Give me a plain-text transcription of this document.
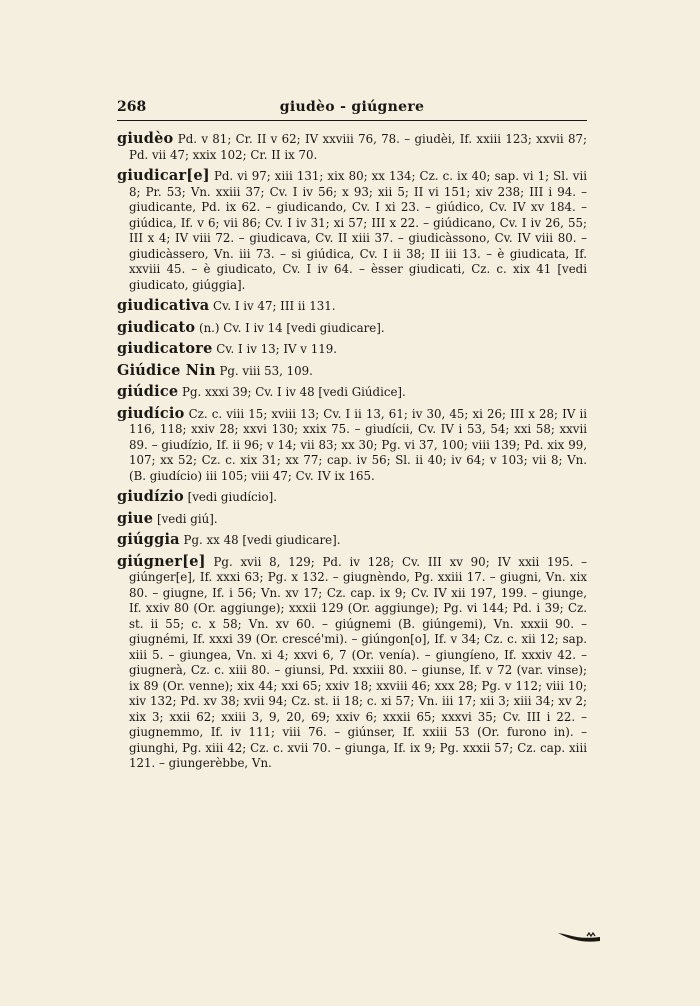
268	giudèo - giúgnere

giudèo Pd. v 81; Cr. II v 62; IV xxviii 76, 78. – giudèi, If. xxiii 123; xxvii 87; Pd. vii 47; xxix 102; Cr. II ix 70.

giudicar[e] Pd. vi 97; xiii 131; xix 80; xx 134; Cz. c. ix 40; sap. vi 1; Sl. vii 8; Pr. 53; Vn. xxiii 37; Cv. I iv 56; x 93; xii 5; II vi 151; xiv 238; III i 94. – giudicante, Pd. ix 62. – giudicando, Cv. I xi 23. – giúdico, Cv. IV xv 184. – giúdica, If. v 6; vii 86; Cv. I iv 31; xi 57; III x 22. – giúdicano, Cv. I iv 26, 55; III x 4; IV viii 72. – giudicava, Cv. II xiii 37. – giudicàssono, Cv. IV viii 80. – giudicàssero, Vn. iii 73. – si giúdica, Cv. I ii 38; II iii 13. – è giudicata, If. xxviii 45. – è giudicato, Cv. I iv 64. – èsser giudicati, Cz. c. xix 41 [vedi giudicato, giúggia].

giudicativa Cv. I iv 47; III ii 131.

giudicato (n.) Cv. I iv 14 [vedi giudicare].

giudicatore Cv. I iv 13; IV v 119.

Giúdice Nin Pg. viii 53, 109.

giúdice Pg. xxxi 39; Cv. I iv 48 [vedi Giúdice].

giudício Cz. c. viii 15; xviii 13; Cv. I ii 13, 61; iv 30, 45; xi 26; III x 28; IV ii 116, 118; xxiv 28; xxvi 130; xxix 75. – giudícii, Cv. IV i 53, 54; xxi 58; xxvii 89. – giudízio, If. ii 96; v 14; vii 83; xx 30; Pg. vi 37, 100; viii 139; Pd. xix 99, 107; xx 52; Cz. c. xix 31; xx 77; cap. iv 56; Sl. ii 40; iv 64; v 103; vii 8; Vn. (B. giudício) iii 105; viii 47; Cv. IV ix 165.

giudízio [vedi giudício].

giue [vedi giú].

giúggia Pg. xx 48 [vedi giudicare].

giúgner[e] Pg. xvii 8, 129; Pd. iv 128; Cv. III xv 90; IV xxii 195. – giúnger[e], If. xxxi 63; Pg. x 132. – giugnèndo, Pg. xxiii 17. – giugni, Vn. xix 80. – giugne, If. i 56; Vn. xv 17; Cz. cap. ix 9; Cv. IV xii 197, 199. – giunge, If. xxiv 80 (Or. aggiunge); xxxii 129 (Or. aggiunge); Pg. vi 144; Pd. i 39; Cz. st. ii 55; c. x 58; Vn. xv 60. – giúgnemi (B. giúngemi), Vn. xxxii 90. – giugnémi, If. xxxi 39 (Or. crescé'mi). – giúngon[o], If. v 34; Cz. c. xii 12; sap. xiii 5. – giungea, Vn. xi 4; xxvi 6, 7 (Or. venía). – giungíeno, If. xxxiv 42. – giugnerà, Cz. c. xiii 80. – giunsi, Pd. xxxiii 80. – giunse, If. v 72 (var. vinse); ix 89 (Or. venne); xix 44; xxi 65; xxiv 18; xxviii 46; xxx 28; Pg. v 112; viii 10; xiv 132; Pd. xv 38; xvii 94; Cz. st. ii 18; c. xi 57; Vn. iii 17; xii 3; xiii 34; xv 2; xix 3; xxii 62; xxiii 3, 9, 20, 69; xxiv 6; xxxii 65; xxxvi 35; Cv. III i 22. – giugnemmo, If. iv 111; viii 76. – giúnser, If. xxiii 53 (Or. furono in). – giunghi, Pg. xiii 42; Cz. c. xvii 70. – giunga, If. ix 9; Pg. xxxii 57; Cz. cap. xiii 121. – giungerèbbe, Vn.
